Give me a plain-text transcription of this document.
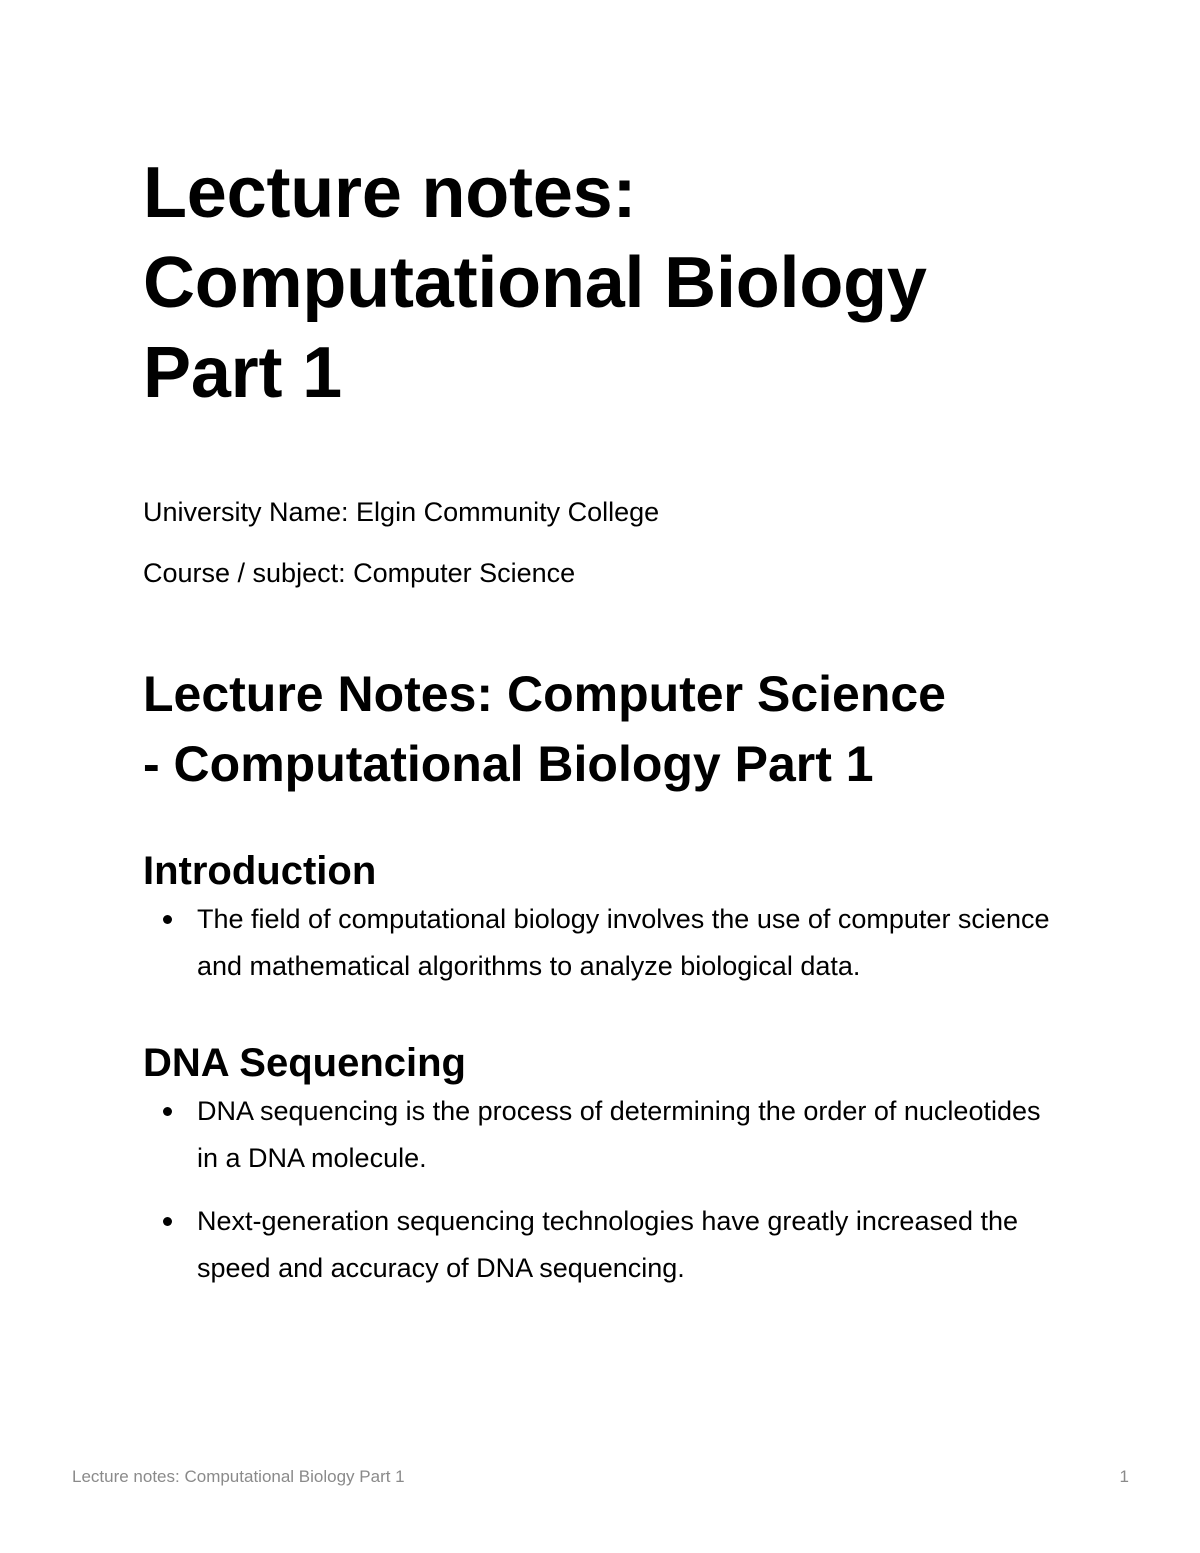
Lecture notes:
Computational Biology
Part 1

University Name: Elgin Community College

Course / subject: Computer Science

Lecture Notes: Computer Science
- Computational Biology Part 1
Introduction
The field of computational biology involves the use of computer science and mathematical algorithms to analyze biological data.
DNA Sequencing
DNA sequencing is the process of determining the order of nucleotides in a DNA molecule.
Next-generation sequencing technologies have greatly increased the speed and accuracy of DNA sequencing.
Lecture notes: Computational Biology Part 1	1
